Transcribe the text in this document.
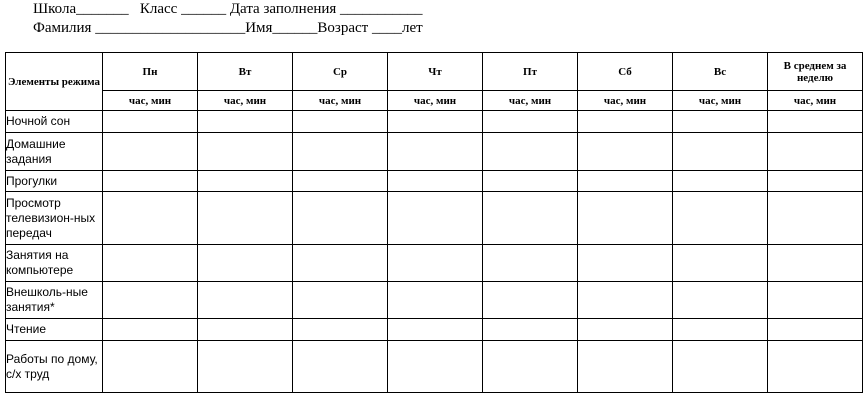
Школа_______   Класс ______ Дата заполнения ___________
Фамилия ____________________Имя______Возраст ____лет
Элементы режима	Пн	Вт	Ср	Чт	Пт	Сб	Вс	В среднем за неделю
	час, мин	час, мин	час, мин	час, мин	час, мин	час, мин	час, мин	час, мин
Ночной сон								
Домашние задания								
Прогулки								
Просмотр телевизион-ных передач								
Занятия на компьютере								
Внешколь-ные занятия*								
Чтение								
Работы по дому, с/х труд								
